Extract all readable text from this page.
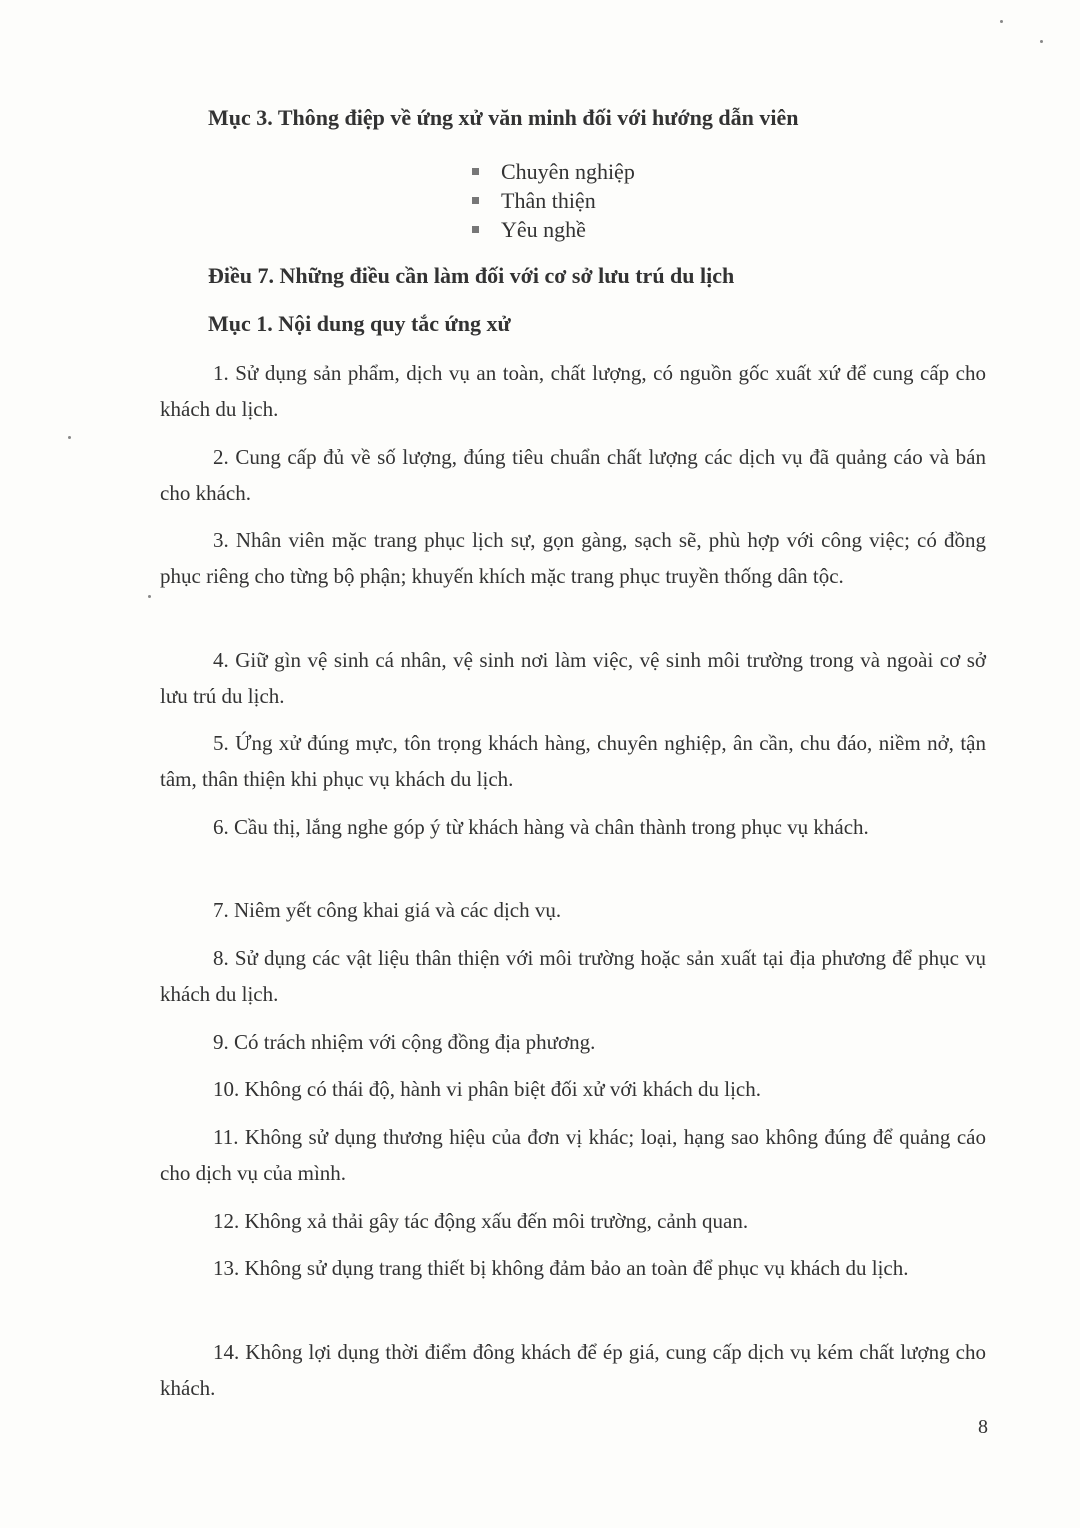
Mục 3. Thông điệp về ứng xử văn minh đối với hướng dẫn viên
Chuyên nghiệp
Thân thiện
Yêu nghề
Điều 7. Những điều cần làm đối với cơ sở lưu trú du lịch
Mục 1. Nội dung quy tắc ứng xử
1. Sử dụng sản phẩm, dịch vụ an toàn, chất lượng, có nguồn gốc xuất xứ để cung cấp cho khách du lịch.
2. Cung cấp đủ về số lượng, đúng tiêu chuẩn chất lượng các dịch vụ đã quảng cáo và bán cho khách.
3. Nhân viên mặc trang phục lịch sự, gọn gàng, sạch sẽ, phù hợp với công việc; có đồng phục riêng cho từng bộ phận; khuyến khích mặc trang phục truyền thống dân tộc.
4. Giữ gìn vệ sinh cá nhân, vệ sinh nơi làm việc, vệ sinh môi trường trong và ngoài cơ sở lưu trú du lịch.
5. Ứng xử đúng mực, tôn trọng khách hàng, chuyên nghiệp, ân cần, chu đáo, niềm nở, tận tâm, thân thiện khi phục vụ khách du lịch.
6. Cầu thị, lắng nghe góp ý từ khách hàng và chân thành trong phục vụ khách.
7. Niêm yết công khai giá và các dịch vụ.
8. Sử dụng các vật liệu thân thiện với môi trường hoặc sản xuất tại địa phương để phục vụ khách du lịch.
9. Có trách nhiệm với cộng đồng địa phương.
10. Không có thái độ, hành vi phân biệt đối xử với khách du lịch.
11. Không sử dụng thương hiệu của đơn vị khác; loại, hạng sao không đúng để quảng cáo cho dịch vụ của mình.
12. Không xả thải gây tác động xấu đến môi trường, cảnh quan.
13. Không sử dụng trang thiết bị không đảm bảo an toàn để phục vụ khách du lịch.
14. Không lợi dụng thời điểm đông khách để ép giá, cung cấp dịch vụ kém chất lượng cho khách.
8
